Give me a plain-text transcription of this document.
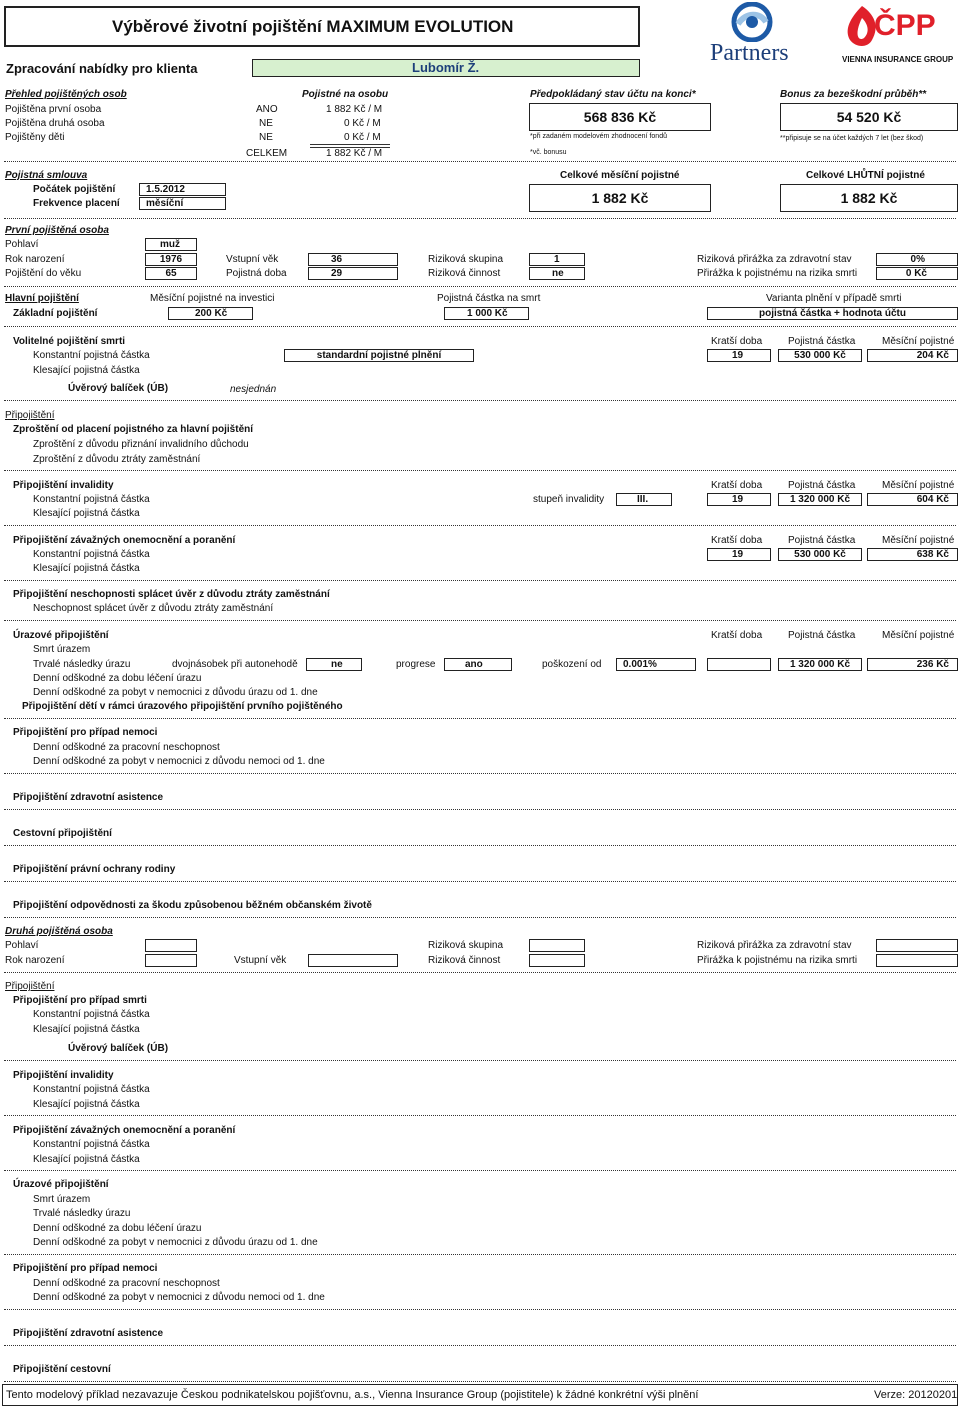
Výběrové životní pojištění MAXIMUM EVOLUTION
Zpracování nabídky pro klienta	Lubomír Ž.
Partners
ČPP
VIENNA INSURANCE GROUP
Přehled pojištěných osob	Pojistné na osobu
Pojištěna první osoba	ANO	1 882 Kč / M
Pojištěna druhá osoba	NE	0 Kč / M
Pojištěny děti	NE	0 Kč / M
CELKEM	1 882 Kč / M
Předpokládaný stav účtu na konci*
568 836 Kč
*při zadaném modelovém zhodnocení fondů
*vč. bonusu
Bonus za bezeškodní průběh**
54 520 Kč
**připisuje se na účet každých 7 let (bez škod)
Pojistná smlouva
Počátek pojištění	1.5.2012
Frekvence placení	měsíční
Celkové měsíční pojistné
1 882 Kč
Celkové LHŮTNÍ pojistné
1 882 Kč
První pojištěná osoba
Pohlaví	muž
Rok narození	1976	Vstupní věk	36	Riziková skupina	1	Riziková přirážka za zdravotní stav	0%
Pojištění do věku	65	Pojistná doba	29	Riziková činnost	ne	Přirážka k pojistnému na rizika smrti	0 Kč
Hlavní pojištění	Měsíční pojistné na investici	Pojistná částka na smrt	Varianta plnění v případě smrti
Základní pojištění	200 Kč	1 000 Kč	pojistná částka + hodnota účtu
Volitelné pojištění smrti	Kratší doba	Pojistná částka	Měsíční pojistné
Konstantní pojistná částka	standardní pojistné plnění	19	530 000 Kč	204 Kč
Klesající pojistná částka
Úvěrový balíček (ÚB)	nesjednán
Připojištění
Zproštění od placení pojistného za hlavní pojištění
Zproštění z důvodu přiznání invalidního důchodu
Zproštění z důvodu ztráty zaměstnání
Připojištění invalidity	Kratší doba	Pojistná částka	Měsíční pojistné
Konstantní pojistná částka	stupeň invalidity	III.	19	1 320 000 Kč	604 Kč
Klesající pojistná částka
Připojištění závažných onemocnění a poranění	Kratší doba	Pojistná částka	Měsíční pojistné
Konstantní pojistná částka	19	530 000 Kč	638 Kč
Klesající pojistná částka
Připojištění neschopnosti splácet úvěr z důvodu ztráty zaměstnání
Neschopnost splácet úvěr z důvodu ztráty zaměstnání
Úrazové připojištění	Kratší doba	Pojistná částka	Měsíční pojistné
Smrt úrazem
Trvalé následky úrazu	dvojnásobek při autonehodě	ne	progrese	ano	poškození od	0.001%	1 320 000 Kč	236 Kč
Denní odškodné za dobu léčení úrazu
Denní odškodné za pobyt v nemocnici z důvodu úrazu od 1. dne
Připojištění dětí v rámci úrazového připojištění prvního pojištěného
Připojištění pro případ nemoci
Denní odškodné za pracovní neschopnost
Denní odškodné za pobyt v nemocnici z důvodu nemoci od 1. dne
Připojištění zdravotní asistence
Cestovní připojištění
Připojištění právní ochrany rodiny
Připojištění odpovědnosti za škodu způsobenou běžném občanském životě
Druhá pojištěná osoba
Pohlaví	Riziková skupina	Riziková přirážka za zdravotní stav
Rok narození	Vstupní věk	Riziková činnost	Přirážka k pojistnému na rizika smrti
Připojištění
Připojištění pro případ smrti
Konstantní pojistná částka
Klesající pojistná částka
Úvěrový balíček (ÚB)
Připojištění invalidity
Konstantní pojistná částka
Klesající pojistná částka
Připojištění závažných onemocnění a poranění
Konstantní pojistná částka
Klesající pojistná částka
Úrazové připojištění
Smrt úrazem
Trvalé následky úrazu
Denní odškodné za dobu léčení úrazu
Denní odškodné za pobyt v nemocnici z důvodu úrazu od 1. dne
Připojištění pro případ nemoci
Denní odškodné za pracovní neschopnost
Denní odškodné za pobyt v nemocnici z důvodu nemoci od 1. dne
Připojištění zdravotní asistence
Připojištění cestovní
Tento modelový příklad nezavazuje Českou podnikatelskou pojišťovnu, a.s., Vienna Insurance Group (pojistitele) k žádné konkrétní výši plnění	Verze: 20120201
